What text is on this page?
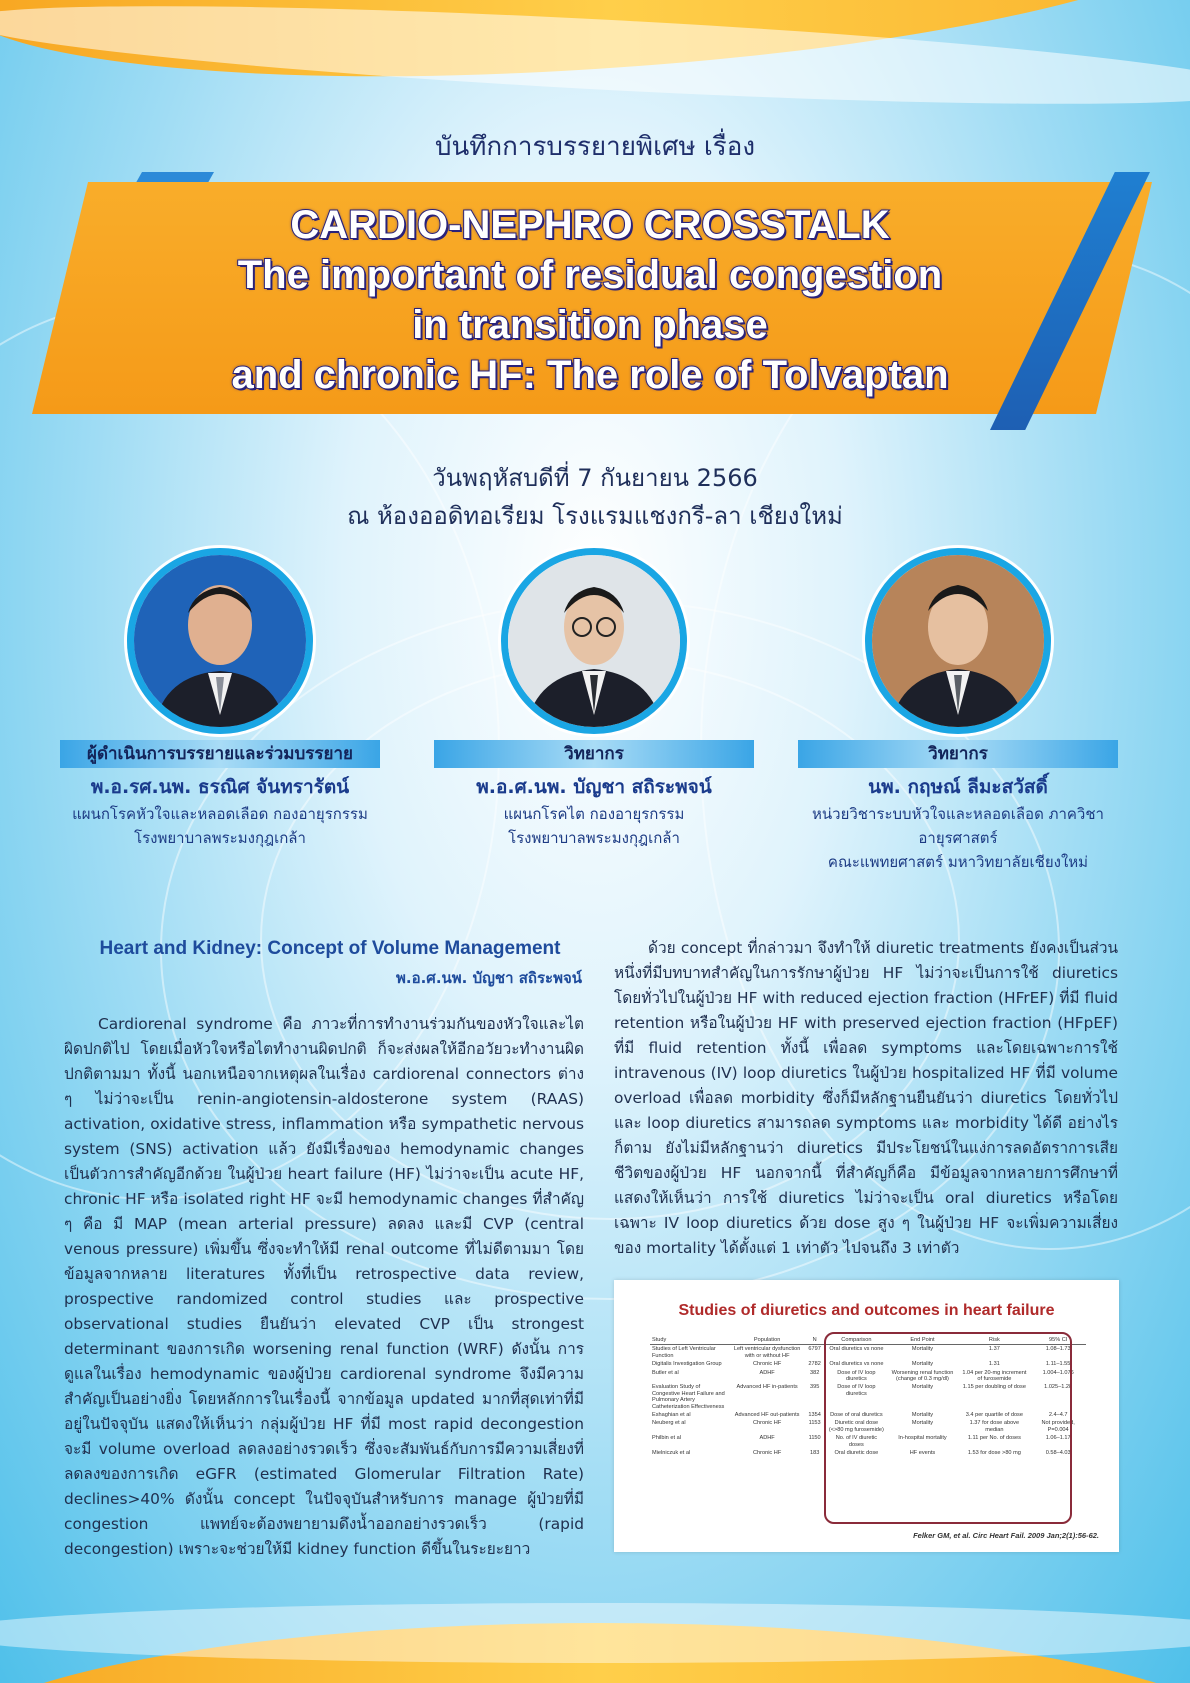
บันทึกการบรรยายพิเศษ เรื่อง
CARDIO-NEPHRO CROSSTALK
The important of residual congestion
in transition phase
and chronic HF: The role of Tolvaptan
วันพฤหัสบดีที่ 7 กันยายน 2566
ณ ห้องออดิทอเรียม โรงแรมแชงกรี-ลา เชียงใหม่
ผู้ดำเนินการบรรยายและร่วมบรรยาย
พ.อ.รศ.นพ. ธรณิศ จันทรารัตน์
แผนกโรคหัวใจและหลอดเลือด กองอายุรกรรม
โรงพยาบาลพระมงกุฎเกล้า
วิทยากร
พ.อ.ศ.นพ. บัญชา สถิระพจน์
แผนกโรคไต กองอายุรกรรม
โรงพยาบาลพระมงกุฎเกล้า
วิทยากร
นพ. กฤษณ์ ลีมะสวัสดิ์
หน่วยวิชาระบบหัวใจและหลอดเลือด ภาควิชาอายุรศาสตร์
คณะแพทยศาสตร์ มหาวิทยาลัยเชียงใหม่
Heart and Kidney: Concept of Volume Management
พ.อ.ศ.นพ. บัญชา สถิระพจน์
Cardiorenal syndrome คือ ภาวะที่การทำงานร่วมกันของหัวใจและไตผิดปกติไป โดยเมื่อหัวใจหรือไตทำงานผิดปกติ ก็จะส่งผลให้อีกอวัยวะทำงานผิดปกติตามมา ทั้งนี้ นอกเหนือจากเหตุผลในเรื่อง cardiorenal connectors ต่าง ๆ ไม่ว่าจะเป็น renin-angiotensin-aldosterone system (RAAS) activation, oxidative stress, inflammation หรือ sympathetic nervous system (SNS) activation แล้ว ยังมีเรื่องของ hemodynamic changes เป็นตัวการสำคัญอีกด้วย ในผู้ป่วย heart failure (HF) ไม่ว่าจะเป็น acute HF, chronic HF หรือ isolated right HF จะมี hemodynamic changes ที่สำคัญ ๆ คือ มี MAP (mean arterial pressure) ลดลง และมี CVP (central venous pressure) เพิ่มขึ้น ซึ่งจะทำให้มี renal outcome ที่ไม่ดีตามมา โดยข้อมูลจากหลาย literatures ทั้งที่เป็น retrospective data review, prospective randomized control studies และ prospective observational studies ยืนยันว่า elevated CVP เป็น strongest determinant ของการเกิด worsening renal function (WRF) ดังนั้น การดูแลในเรื่อง hemodynamic ของผู้ป่วย cardiorenal syndrome จึงมีความสำคัญเป็นอย่างยิ่ง โดยหลักการในเรื่องนี้ จากข้อมูล updated มากที่สุดเท่าที่มีอยู่ในปัจจุบัน แสดงให้เห็นว่า กลุ่มผู้ป่วย HF ที่มี most rapid decongestion จะมี volume overload ลดลงอย่างรวดเร็ว ซึ่งจะสัมพันธ์กับการมีความเสี่ยงที่ลดลงของการเกิด eGFR (estimated Glomerular Filtration Rate) declines>40% ดังนั้น concept ในปัจจุบันสำหรับการ manage ผู้ป่วยที่มี congestion แพทย์จะต้องพยายามดึงน้ำออกอย่างรวดเร็ว (rapid decongestion) เพราะจะช่วยให้มี kidney function ดีขึ้นในระยะยาว
ด้วย concept ที่กล่าวมา จึงทำให้ diuretic treatments ยังคงเป็นส่วนหนึ่งที่มีบทบาทสำคัญในการรักษาผู้ป่วย HF ไม่ว่าจะเป็นการใช้ diuretics โดยทั่วไปในผู้ป่วย HF with reduced ejection fraction (HFrEF) ที่มี fluid retention หรือในผู้ป่วย HF with preserved ejection fraction (HFpEF) ที่มี fluid retention ทั้งนี้ เพื่อลด symptoms และโดยเฉพาะการใช้ intravenous (IV) loop diuretics ในผู้ป่วย hospitalized HF ที่มี volume overload เพื่อลด morbidity ซึ่งก็มีหลักฐานยืนยันว่า diuretics โดยทั่วไป และ loop diuretics สามารถลด symptoms และ morbidity ได้ดี อย่างไรก็ตาม ยังไม่มีหลักฐานว่า diuretics มีประโยชน์ในแง่การลดอัตราการเสียชีวิตของผู้ป่วย HF นอกจากนี้ ที่สำคัญก็คือ มีข้อมูลจากหลายการศึกษาที่แสดงให้เห็นว่า การใช้ diuretics ไม่ว่าจะเป็น oral diuretics หรือโดยเฉพาะ IV loop diuretics ด้วย dose สูง ๆ ในผู้ป่วย HF จะเพิ่มความเสี่ยงของ mortality ได้ตั้งแต่ 1 เท่าตัว ไปจนถึง 3 เท่าตัว
Studies of diuretics and outcomes in heart failure
Study	Population	N	Comparison	End Point	Risk	95% CI
Studies of Left Ventricular Function	Left ventricular dysfunction with or without HF	6797	Oral diuretics vs none	Mortality	1.37	1.08–1.73
Digitalis Investigation Group	Chronic HF	2782	Oral diuretics vs none	Mortality	1.31	1.11–1.55
Butler et al	ADHF	382	Dose of IV loop diuretics	Worsening renal function (change of 0.3 mg/dl)	1.04 per 20-mg increment of furosemide	1.004–1.076
Evaluation Study of Congestive Heart Failure and Pulmonary Artery Catheterization Effectiveness	Advanced HF in-patients	395	Dose of IV loop diuretics	Mortality	1.15 per doubling of dose	1.025–1.28
Eshaghian et al	Advanced HF out-patients	1354	Dose of oral diuretics	Mortality	3.4 per quartile of dose	2.4–4.7
Neuberg et al	Chronic HF	1153	Diuretic oral dose (<>80 mg furosemide)	Mortality	1.37 for dose above median	Not provided, P=0.004
Philbin et al	ADHF	1150	No. of IV diuretic doses	In-hospital mortality	1.11 per No. of doses	1.06–1.17
Mielniczuk et al	Chronic HF	183	Oral diuretic dose	HF events	1.53 for dose >80 mg	0.58–4.03
Felker GM, et al. Circ Heart Fail. 2009 Jan;2(1):56-62.
